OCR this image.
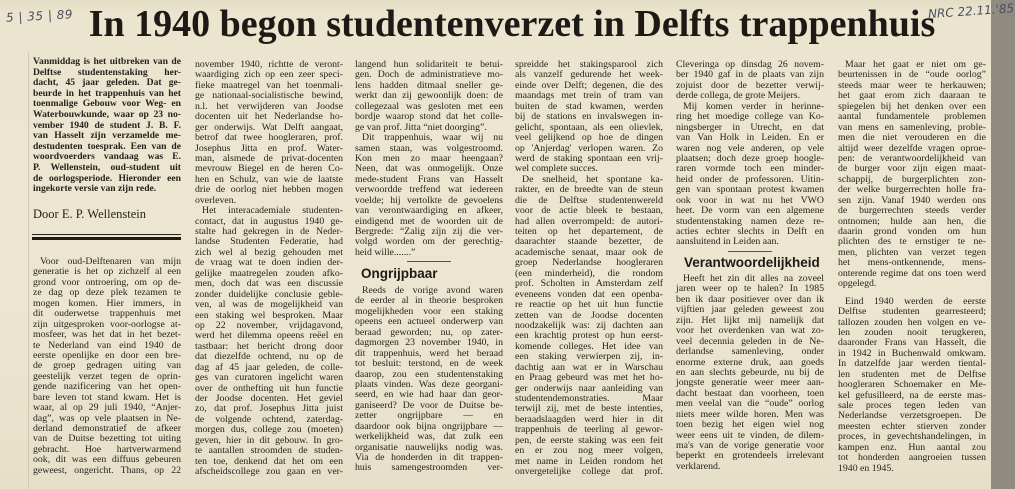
5 | 35 | 89	NRC 22.11.'85
In 1940 begon studentenverzet in Delfts trappenhuis
Vanmiddag is het uitbreken van de
Delftse studentenstaking her-
dacht, 45 jaar geleden. Dat ge-
beurde in het trappenhuis van het
toenmalige Gebouw voor Weg- en
Waterbouwkunde, waar op 23 no-
vember 1940 de student J. B. F.
van Hasselt zijn verzamelde me-
destudenten toesprak. Een van de
woordvoerders vandaag was E.
P. Wellenstein, oud-student uit
de oorlogsperiode. Hieronder een
ingekorte versie van zijn rede.
Door E. P. Wellenstein
Voor oud-Delftenaren van mijn
generatie is het op zichzelf al een
grond voor ontroering, om op de-
ze dag op deze plek tezamen te
mogen komen. Hier immers, in
dit ouderwetse trappenhuis met
zijn uitgesproken voor-oorlogse at-
mosfeer, was het dat in het bezet-
te Nederland van eind 1940 de
eerste openlijke en door een bre-
de groep gedragen uiting van
geestelijk verzet tegen de oprin-
gende nazificering van het open-
bare leven tot stand kwam. Het is
waar, al op 29 juli 1940, “Anjer-
dag”, was op vele plaatsen in Ne-
derland demonstratief de afkeer
van de Duitse bezetting tot uiting
gebracht. Hoe hartverwarmend
ook, dit was een diffuus gebeuren
geweest, ongericht. Thans, op 22
november 1940, richtte de veront-
waardiging zich op een zeer speci-
fieke maatregel van het toenmali-
ge nationaal-socialistische bewind,
n.l. het verwijderen van Joodse
docenten uit het Nederlandse ho-
ger onderwijs. Wat Delft aangaat,
betrof dat twee hoogleraren, prof.
Josephus Jitta en prof. Water-
man, alsmede de privat-docenten
mevrouw Biegel en de heren Co-
hen en Schulz, van wie de laatste
drie de oorlog niet hebben mogen
overleven.
Het interacademiale studenten-
contact, dat in augustus 1940 ge-
stalte had gekregen in de Neder-
landse Studenten Federatie, had
zich wel al bezig gehouden met
de vraag wat te doen indien der-
gelijke maatregelen zouden afko-
men, doch dat was een discussie
zonder duidelijke conclusie geble-
ven, al was de mogelijkheid van
een staking wel besproken. Maar
op 22 november, vrijdagavond,
werd het dilemma opeens reëel en
tastbaar: het bericht drong door
dat diezelfde ochtend, nu op de
dag af 45 jaar geleden, de colle-
ges van curatoren ingelicht waren
over de onthefting uit hun functie
der Joodse docenten. Het geviel
zo, dat prof. Josephus Jitta juist
de volgende ochtend, zaterdag-
morgen dus, college zou (moeten)
geven, hier in dit gebouw. In gro-
te aantallen stroomden de studen-
ten toe, denkend dat het om een
afscheidscollege zou gaan en ver-
langend hun solidariteit te betui-
gen. Doch de administratieve mo-
lens hadden ditmaal sneller ge-
werkt dan zij gewoonlijk doen: de
collegezaal was gesloten met een
bordje waarop stond dat het colle-
ge van prof. Jitta “niet doorging”.
Dit trappenhuis, waar wij nu
samen staan, was volgestroomd.
Kon men zo maar heengaan?
Neen, dat was onmogelijk. Onze
mede-student Frans van Hasselt
verwoordde treffend wat iedereen
voelde; hij vertolkte de gevoelens
van verontwaardiging en afkeer,
eindigend met de woorden uit de
Bergrede: “Zalig zijn zij die ver-
volgd worden om der gerechtig-
heid wille.......”
Ongrijpbaar
Reeds de vorige avond waren
de eerder al in theorie besproken
mogelijkheden voor een staking
opeens een actueel onderwerp van
beraad geworden; nu, op zater-
dagmorgen 23 november 1940, in
dit trappenhuis, werd het beraad
tot besluit: terstond, en de week
daarop, zou een studentenstaking
plaats vinden. Was deze georgani-
seerd, en wie had haar dan geor-
ganiseerd? De voor de Duitse be-
zetter ongrijpbare — en
daardoor ook bijna ongrijpbare —
werkelijkheid was, dat zulk een
organisatie nauwelijks nodig was.
Via de honderden in dit trappen-
huis samengestroomden ver-
spreidde het stakingsparool zich
als vanzelf gedurende het week-
einde over Delft; degenen, die des
maandags met trein of tram van
buiten de stad kwamen, werden
bij de stations en invalswegen in-
gelicht, spontaan, als een olievlek,
veel gelijkend op hoe de dingen
op 'Anjerdag' verlopen waren. Zo
werd de staking spontaan een vrij-
wel complete succes.
De snelheid, het spontane ka-
rakter, en de breedte van de steun
die de Delftse studentenwereld
voor de actie bleek te bestaan,
had allen overrompeld: de autori-
teiten op het departement, de
daarachter staande bezetter, de
academische senaat, maar ook de
groep Nederlandse hoogleraren
(een minderheid), die rondom
prof. Scholten in Amsterdam zelf
eveneens vonden dat een openba-
re reactie op het uit hun functie
zetten van de Joodse docenten
noodzakelijk was: zij dachten aan
een krachtig protest op hun eerst-
komende colleges. Het idee van
een staking verwierpen zij, in-
dachtig aan wat er in Warschau
en Praag gebeurd was met het ho-
ger onderwijs naar aanleiding van
studentendemonstraties. Maar
terwijl zij, met de beste intenties,
beraadslaagden werd hier in dit
trappenhuis de teerling al gewor-
pen, de eerste staking was een feit
en er zou nog meer volgen,
met name in Leiden rondom het
onvergetelijke college dat prof.
Cleveringa op dinsdag 26 novem-
ber 1940 gaf in de plaats van zijn
zojuist door de bezetter verwij-
derde collega, de grote Meijers.
Mij komen verder in herinne-
ring het moedige college van Ko-
ningsberger in Utrecht, en dat
van Van Holk in Leiden. En er
waren nog vele anderen, op vele
plaatsen; doch deze groep hoogle-
raren vormde toch een minder-
heid onder de professoren. Uitin-
gen van spontaan protest kwamen
ook voor in wat nu het VWO
heet. De vorm van een algemene
studentenstaking namen deze re-
acties echter slechts in Delft en
aansluitend in Leiden aan.
Verantwoordelijkheid
Heeft het zin dit alles na zoveel
jaren weer op te halen? In 1985
ben ik daar positiever over dan ik
vijftien jaar geleden geweest zou
zijn. Het lijkt mij namelijk dat
voor het overdenken van wat zo-
veel decennia geleden in de Ne-
derlandse samenleving, onder
enorme externe druk, aan goeds
en aan slechts gebeurde, nu bij de
jongste generatie weer meer aan-
dacht bestaat dan voorheen, toen
men veelal van die “oude” oorlog
niets meer wilde horen. Men was
toen bezig het eigen wiel nog
weer eens uit te vinden, de dilem-
ma's van de vorige generatie voor
beperkt en grotendeels irrelevant
verklarend.
Maar het gaat er niet om ge-
beurtenissen in de “oude oorlog”
steeds maar weer te herkauwen;
het gaat erom zich daaraan te
spiegelen bij het denken over een
aantal fundamentele problemen
van mens en samenleving, proble-
men die niet verouderen en die
altijd weer dezelfde vragen oproe-
pen: de verantwoordelijkheid van
de burger voor zijn eigen maat-
schappij, de burgerplichten zon-
der welke burgerrechten holle fra-
sen zijn. Vanaf 1940 werden ons
de burgerrechten steeds verder
ontnomen; hulde aan hen, die
daarin grond vonden om hun
plichten des te ernstiger te ne-
men, plichten van verzet tegen
het mens-ontkennende, mens-
onterende regime dat ons toen werd
opgelegd.
Eind 1940 werden de eerste
Delftse studenten gearresteerd;
tallozen zouden hen volgen en ve-
len zouden nooit terugkeren,
daaronder Frans van Hasselt, die
in 1942 in Buchenwald omkwam.
In datzelfde jaar werden tiental-
len studenten met de Delftse
hoogleraren Schoemaker en Me-
kel gefusilleerd, na de eerste mas-
sale proces tegen leden van
Nederlandse verzetsgroepen. De
meesten echter stierven zonder
proces, in gevechtshandelingen, in
kampen enz. Hun aantal zou
tot honderden aangroeien tussen
1940 en 1945.
